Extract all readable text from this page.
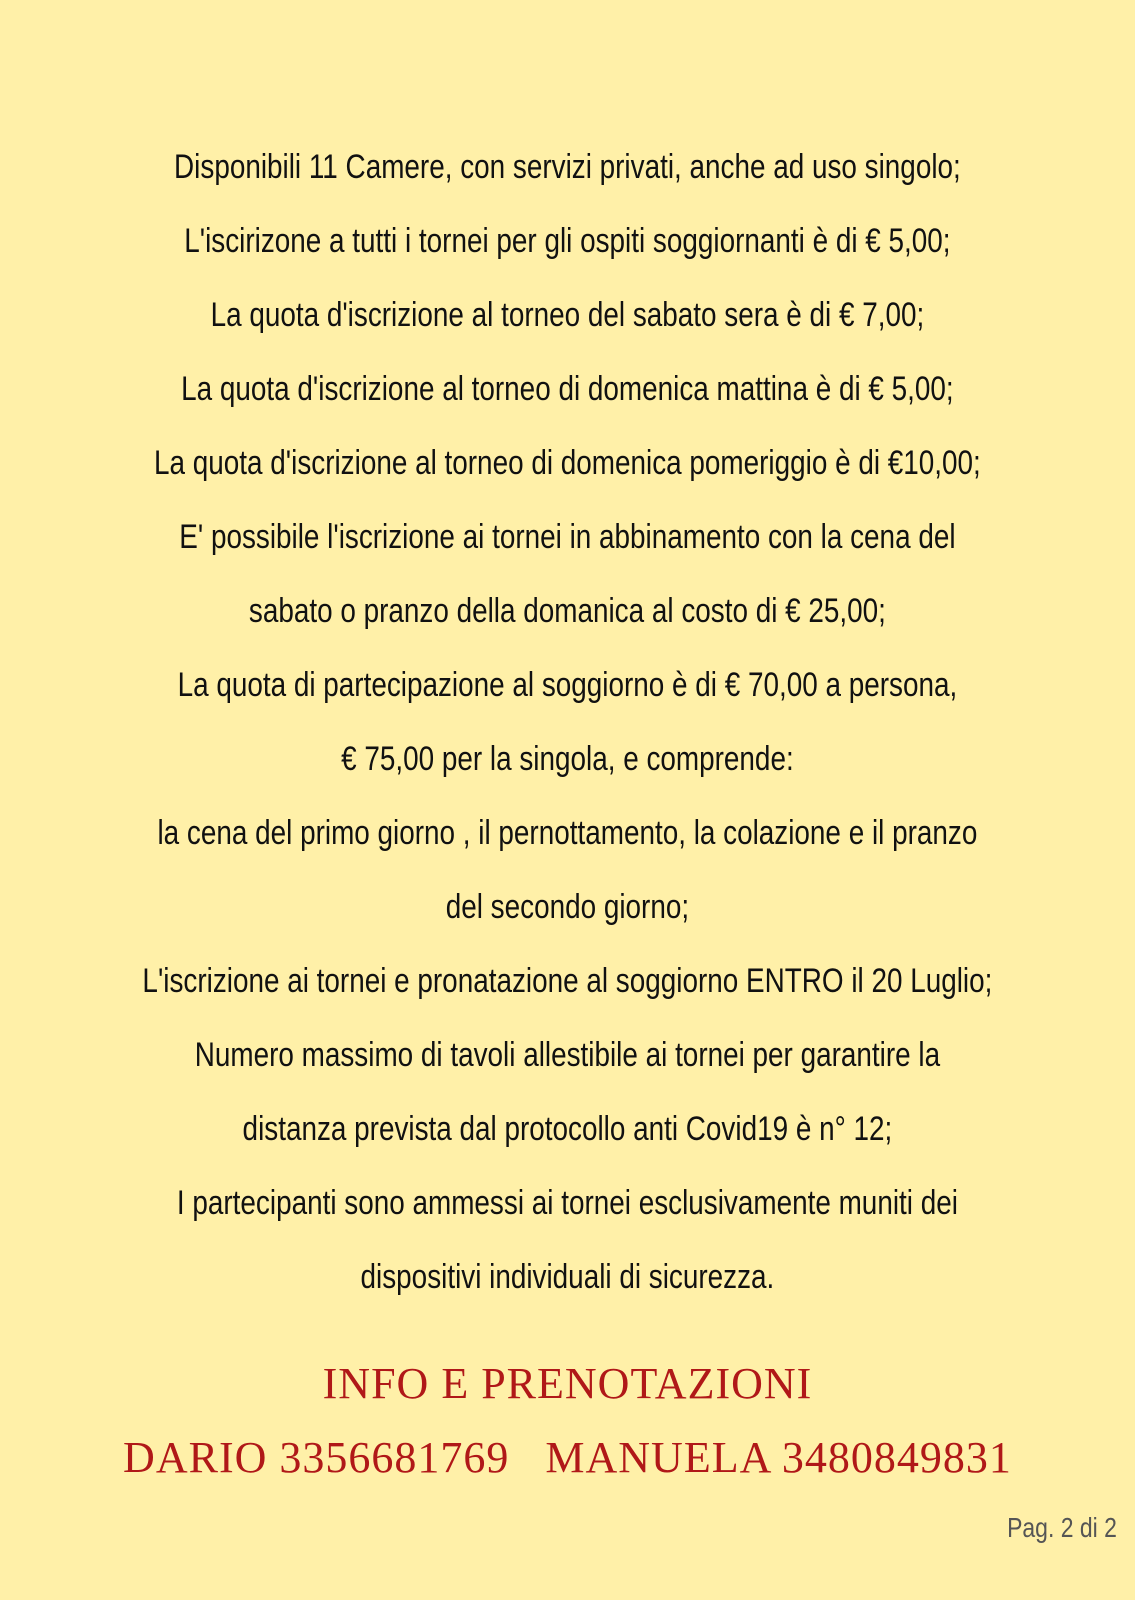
Disponibili 11 Camere, con servizi privati, anche ad uso singolo;
L'iscirizone a tutti i tornei per gli ospiti soggiornanti è di € 5,00;
La quota d'iscrizione al torneo del sabato sera è di € 7,00;
La quota d'iscrizione al torneo di domenica mattina è di € 5,00;
La quota d'iscrizione al torneo di domenica pomeriggio è di €10,00;
E' possibile l'iscrizione ai tornei in abbinamento con la cena del
sabato o pranzo della domanica al costo di € 25,00;
La quota di partecipazione al soggiorno è di € 70,00 a persona,
€ 75,00 per la singola, e comprende:
la cena del primo giorno , il pernottamento, la colazione e il pranzo
del secondo giorno;
L'iscrizione ai tornei e pronatazione al soggiorno ENTRO il 20 Luglio;
Numero massimo di tavoli allestibile ai tornei per garantire la
distanza prevista dal protocollo anti Covid19 è n° 12;
I partecipanti sono ammessi ai tornei esclusivamente muniti dei
dispositivi individuali di sicurezza.
INFO E PRENOTAZIONI
DARIO 3356681769   MANUELA 3480849831
Pag. 2 di 2
